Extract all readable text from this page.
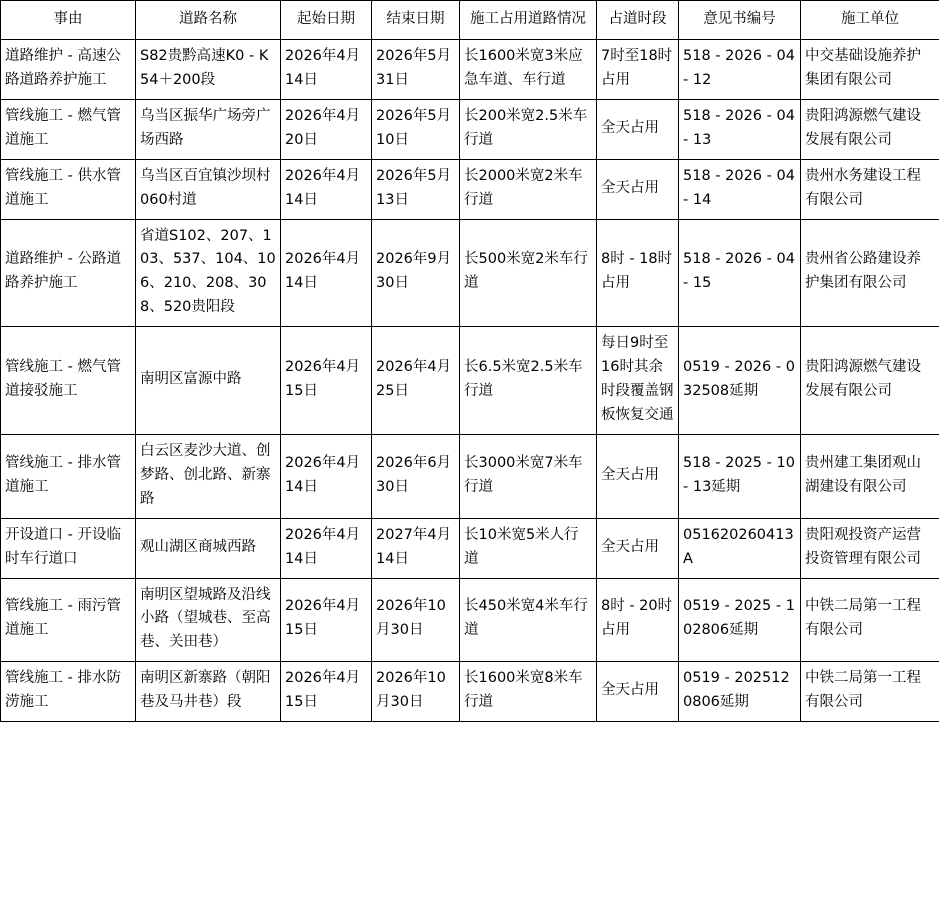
事由	道路名称	起始日期	结束日期	施工占用道路情况	占道时段	意见书编号	施工单位
道路维护 - 高速公路道路养护施工	S82贵黔高速K0 - K54＋200段	2026年4月14日	2026年5月31日	长1600米宽3米应急车道、车行道	7时至18时占用	518 - 2026 - 04 - 12	中交基础设施养护集团有限公司
管线施工 - 燃气管道施工	乌当区振华广场旁广场西路	2026年4月20日	2026年5月10日	长200米宽2.5米车行道	全天占用	518 - 2026 - 04 - 13	贵阳鸿源燃气建设发展有限公司
管线施工 - 供水管道施工	乌当区百宜镇沙坝村060村道	2026年4月14日	2026年5月13日	长2000米宽2米车行道	全天占用	518 - 2026 - 04 - 14	贵州水务建设工程有限公司
道路维护 - 公路道路养护施工	省道S102、207、103、537、104、106、210、208、308、520贵阳段	2026年4月14日	2026年9月30日	长500米宽2米车行道	8时 - 18时占用	518 - 2026 - 04 - 15	贵州省公路建设养护集团有限公司
管线施工 - 燃气管道接驳施工	南明区富源中路	2026年4月15日	2026年4月25日	长6.5米宽2.5米车行道	每日9时至16时其余时段覆盖钢板恢复交通	0519 - 2026 - 032508延期	贵阳鸿源燃气建设发展有限公司
管线施工 - 排水管道施工	白云区麦沙大道、创梦路、创北路、新寨路	2026年4月14日	2026年6月30日	长3000米宽7米车行道	全天占用	518 - 2025 - 10 - 13延期	贵州建工集团观山湖建设有限公司
开设道口 - 开设临时车行道口	观山湖区商城西路	2026年4月14日	2027年4月14日	长10米宽5米人行道	全天占用	051620260413A	贵阳观投资产运营投资管理有限公司
管线施工 - 雨污管道施工	南明区望城路及沿线小路（望城巷、至高巷、关田巷）	2026年4月15日	2026年10月30日	长450米宽4米车行道	8时 - 20时占用	0519 - 2025 - 102806延期	中铁二局第一工程有限公司
管线施工 - 排水防涝施工	南明区新寨路（朝阳巷及马井巷）段	2026年4月15日	2026年10月30日	长1600米宽8米车行道	全天占用	0519 - 2025120806延期	中铁二局第一工程有限公司
